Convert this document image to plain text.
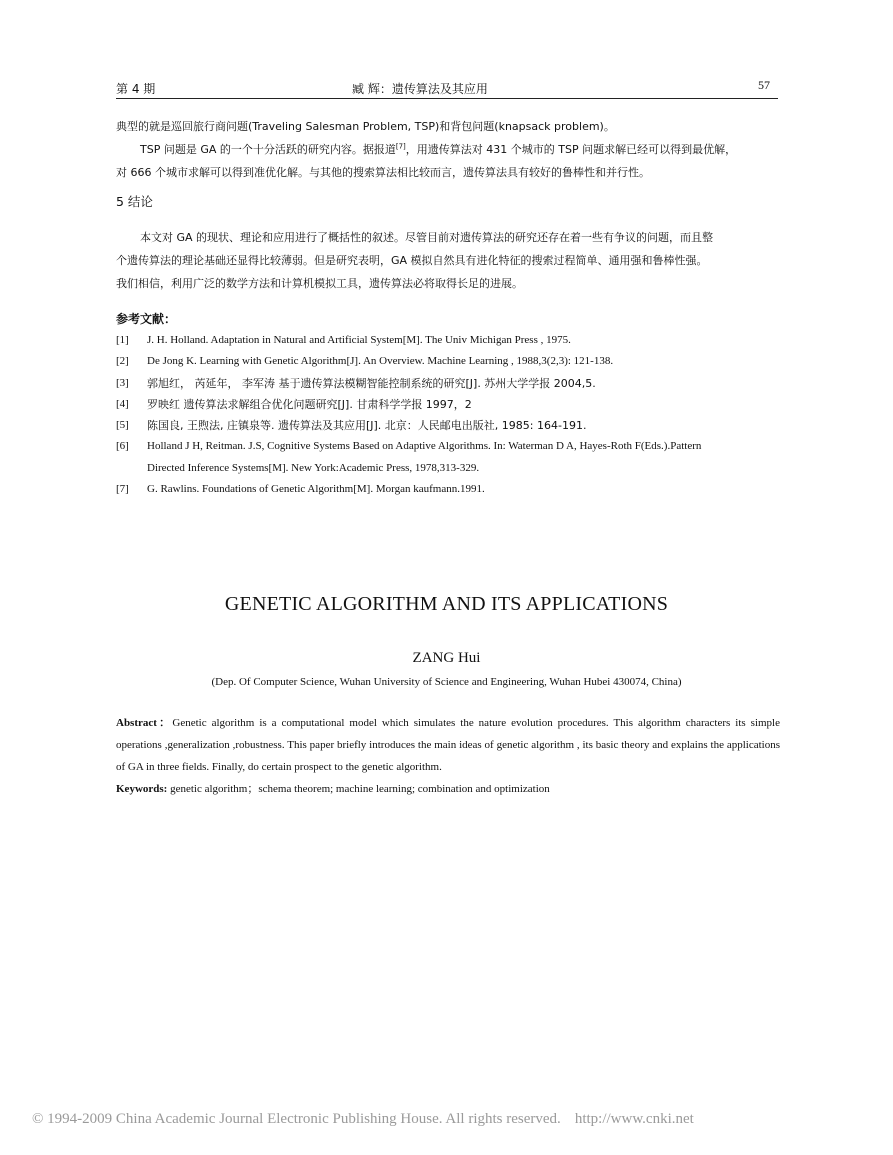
第 4 期	臧 辉：遗传算法及其应用	57
典型的就是巡回旅行商问题(Traveling Salesman Problem, TSP)和背包问题(knapsack problem)。
TSP 问题是 GA 的一个十分活跃的研究内容。据报道[7]，用遗传算法对 431 个城市的 TSP 问题求解已经可以得到最优解，
对 666 个城市求解可以得到准优化解。与其他的搜索算法相比较而言，遗传算法具有较好的鲁棒性和并行性。
5 结论
本文对 GA 的现状、理论和应用进行了概括性的叙述。尽管目前对遗传算法的研究还存在着一些有争议的问题，而且整
个遗传算法的理论基础还显得比较薄弱。但是研究表明，GA 模拟自然具有进化特征的搜索过程简单、通用强和鲁棒性强。
我们相信，利用广泛的数学方法和计算机模拟工具，遗传算法必将取得长足的进展。
参考文献：
[1] J. H. Holland. Adaptation in Natural and Artificial System[M]. The Univ Michigan Press , 1975.
[2] De Jong K. Learning with Genetic Algorithm[J]. An Overview. Machine Learning , 1988,3(2,3): 121-138.
[3] 郭旭红， 芮延年， 李军涛 基于遗传算法模糊智能控制系统的研究[J]. 苏州大学学报 2004,5.
[4] 罗映红 遗传算法求解组合优化问题研究[J]. 甘肃科学学报 1997，2
[5] 陈国良, 王煦法, 庄镇泉等. 遗传算法及其应用[J]. 北京：人民邮电出版社, 1985: 164-191.
[6] Holland J H, Reitman. J.S, Cognitive Systems Based on Adaptive Algorithms. In: Waterman D A, Hayes-Roth F(Eds.).Pattern
Directed Inference Systems[M]. New York:Academic Press, 1978,313-329.
[7] G. Rawlins. Foundations of Genetic Algorithm[M]. Morgan kaufmann.1991.
GENETIC ALGORITHM AND ITS APPLICATIONS
ZANG Hui
(Dep. Of Computer Science, Wuhan University of Science and Engineering, Wuhan Hubei 430074, China)
Abstract：Genetic algorithm is a computational model which simulates the nature evolution procedures. This algorithm characters its simple operations ,generalization ,robustness. This paper briefly introduces the main ideas of genetic algorithm , its basic theory and explains the applications of GA in three fields. Finally, do certain prospect to the genetic algorithm.
Keywords: genetic algorithm；schema theorem; machine learning; combination and optimization
© 1994-2009 China Academic Journal Electronic Publishing House. All rights reserved. http://www.cnki.net
